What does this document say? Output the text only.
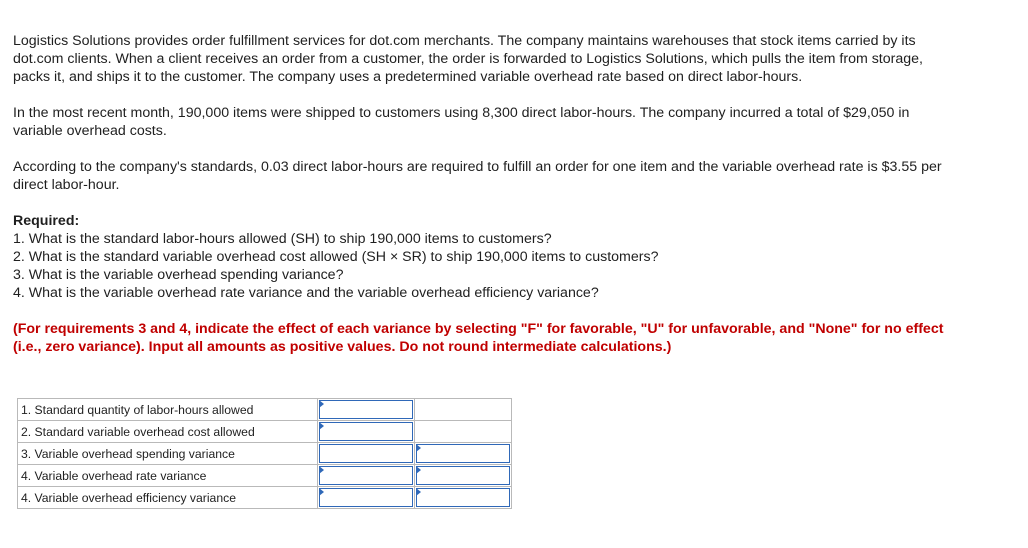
Logistics Solutions provides order fulfillment services for dot.com merchants. The company maintains warehouses that stock items carried by its dot.com clients. When a client receives an order from a customer, the order is forwarded to Logistics Solutions, which pulls the item from storage, packs it, and ships it to the customer. The company uses a predetermined variable overhead rate based on direct labor-hours.

In the most recent month, 190,000 items were shipped to customers using 8,300 direct labor-hours. The company incurred a total of $29,050 in variable overhead costs.

According to the company's standards, 0.03 direct labor-hours are required to fulfill an order for one item and the variable overhead rate is $3.55 per direct labor-hour.

Required:
1. What is the standard labor-hours allowed (SH) to ship 190,000 items to customers?
2. What is the standard variable overhead cost allowed (SH × SR) to ship 190,000 items to customers?
3. What is the variable overhead spending variance?
4. What is the variable overhead rate variance and the variable overhead efficiency variance?

(For requirements 3 and 4, indicate the effect of each variance by selecting "F" for favorable, "U" for unfavorable, and "None" for no effect (i.e., zero variance). Input all amounts as positive values. Do not round intermediate calculations.)

1. Standard quantity of labor-hours allowed	

2. Standard variable overhead cost allowed	

3. Variable overhead spending variance	

4. Variable overhead rate variance	

4. Variable overhead efficiency variance	
